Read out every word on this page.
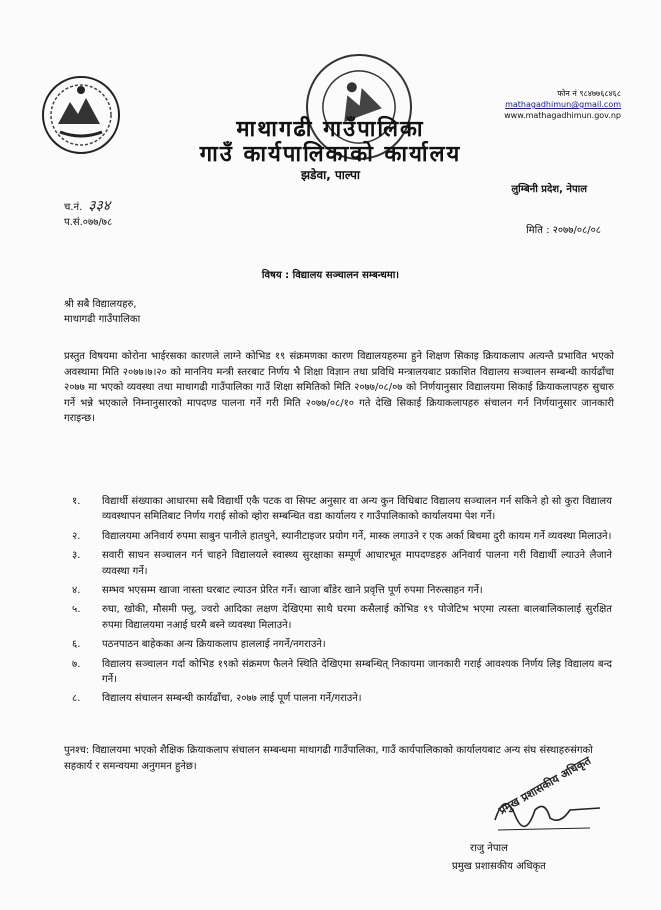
फोन नं ९८४७७६८४६८
mathagadhimun@gmail.com
www.mathagadhimun.gov.np
माथागढी गाउँपालिका
गाउँ कार्यपालिकाको कार्यालय
झडेवा, पाल्पा
लुम्बिनी प्रदेश, नेपाल
च.नं. ३३४
प.सं.०७७/७८
मिति : २०७७/०८/०८
विषय : विद्यालय सञ्चालन सम्बन्धमा।
श्री सबै विद्यालयहरु,
माथागढी गाउँपालिका
प्रस्तुत विषयमा कोरोना भाईरसका कारणले लाग्ने कोभिड १९ संक्रमणका कारण विद्यालयहरुमा हुने शिक्षण सिकाइ क्रियाकलाप अत्यन्तै प्रभावित भएको अवस्थामा मिति २०७७।७।२० को माननिय मन्त्री स्तरबाट निर्णय भै शिक्षा विज्ञान तथा प्रविधि मन्त्रालयबाट प्रकाशित विद्यालय सञ्चालन सम्बन्धी कार्यढाँचा २०७७ मा भएको व्यवस्था तथा माथागढी गाउँपालिका गाउँ शिक्षा समितिको मिति २०७७/०८/०७ को निर्णयानुसार विद्यालयमा सिकाई क्रियाकलापहरु सुचारु गर्ने भन्ने भएकाले निम्नानुसारको मापदण्ड पालना गर्ने गरी मिति २०७७/०८/१० गते देखि सिकाई क्रियाकलापहरु संचालन गर्न निर्णयानुसार जानकारी गराइन्छ।
१.	विद्यार्थी संख्याका आधारमा सबै विद्यार्थी एकै पटक वा सिफ्ट अनुसार वा अन्य कुन विधिबाट विद्यालय सञ्चालन गर्न सकिने हो सो कुरा विद्यालय व्यवस्थापन समितिबाट निर्णय गराई सोको व्होरा सम्बन्धित वडा कार्यालय र गाउँपालिकाको कार्यालयमा पेश गर्ने।
२.	विद्यालयमा अनिवार्य रुपमा साबुन पानीले हातधुने, स्यानीटाइजर प्रयोग गर्ने, मास्क लगाउने र एक अर्का बिचमा दुरी कायम गर्ने व्यवस्था मिलाउने।
३.	सवारी साधन सञ्चालन गर्न चाहने विद्यालयले स्वास्थ्य सुरक्षाका सम्पूर्ण आधारभूत मापदण्डहरु अनिवार्य पालना गरी विद्यार्थी ल्याउने लैजाने व्यवस्था गर्ने।
४.	सम्भव भएसम्म खाजा नास्ता घरबाट ल्याउन प्रेरित गर्ने। खाजा बाँडेर खाने प्रवृत्ति पूर्ण रुपमा निरुत्साहन गर्ने।
५.	रुघा, खोकी, मौसमी फ्लु, ज्वरो आदिका लक्षण देखिएमा साथै घरमा कसैलाई कोभिड १९ पोजेटिभ भएमा त्यस्ता बालबालिकालाई सुरक्षित रुपमा विद्यालयमा नआई घरमै बस्ने व्यवस्था मिलाउने।
६.	पठनपाठन बाहेकका अन्य क्रियाकलाप हाललाई नगर्ने/नगराउने।
७.	विद्यालय सञ्चालन गर्दा कोभिड १९को संक्रमण फैलने स्थिति देखिएमा सम्बन्धित् निकायमा जानकारी गराई आवश्यक निर्णय लिइ विद्यालय बन्द गर्ने।
८.	विद्यालय संचालन सम्बन्धी कार्यढाँचा, २०७७ लाई पूर्ण पालना गर्ने/गराउने।
पुनश्च: विद्यालयमा भएको शैक्षिक क्रियाकलाप संचालन सम्बन्धमा माथागढी गाउँपालिका, गाउँ कार्यपालिकाको कार्यालयबाट अन्य संघ संस्थाहरुसंगको सहकार्य र समन्वयमा अनुगमन हुनेछ।	प्रमुख प्रशासकीय अधिकृत
राजु नेपाल
प्रमुख प्रशासकीय अधिकृत
